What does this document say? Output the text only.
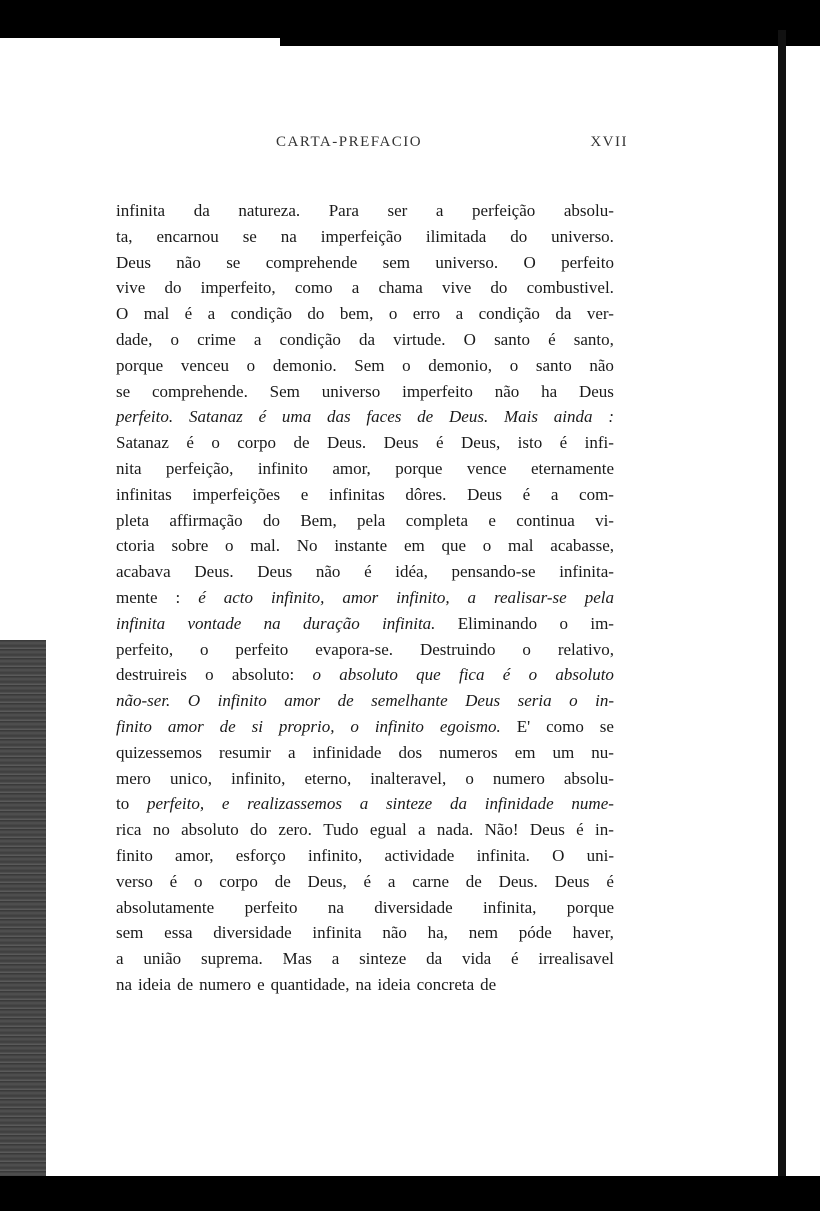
CARTA-PREFACIO	XVII
infinita da natureza. Para ser a perfeição absolu-
ta, encarnou se na imperfeição ilimitada do universo.
Deus não se comprehende sem universo. O perfeito
vive do imperfeito, como a chama vive do combustivel.
O mal é a condição do bem, o erro a condição da ver-
dade, o crime a condição da virtude. O santo é santo,
porque venceu o demonio. Sem o demonio, o santo não
se comprehende. Sem universo imperfeito não ha Deus
perfeito. Satanaz é uma das faces de Deus. Mais ainda :
Satanaz é o corpo de Deus. Deus é Deus, isto é infi-
nita perfeição, infinito amor, porque vence eternamente
infinitas imperfeições e infinitas dôres. Deus é a com-
pleta affirmação do Bem, pela completa e continua vi-
ctoria sobre o mal. No instante em que o mal acabasse,
acabava Deus. Deus não é idéa, pensando-se infinita-
mente : é acto infinito, amor infinito, a realisar-se pela
infinita vontade na duração infinita. Eliminando o im-
perfeito, o perfeito evapora-se. Destruindo o relativo,
destruireis o absoluto: o absoluto que fica é o absoluto
não-ser. O infinito amor de semelhante Deus seria o in-
finito amor de si proprio, o infinito egoismo. E' como se
quizessemos resumir a infinidade dos numeros em um nu-
mero unico, infinito, eterno, inalteravel, o numero absolu-
to perfeito, e realizassemos a sinteze da infinidade nume-
rica no absoluto do zero. Tudo egual a nada. Não! Deus é in-
finito amor, esforço infinito, actividade infinita. O uni-
verso é o corpo de Deus, é a carne de Deus. Deus é
absolutamente perfeito na diversidade infinita, porque
sem essa diversidade infinita não ha, nem póde haver,
a união suprema. Mas a sinteze da vida é irrealisavel
na ideia de numero e quantidade, na ideia concreta de
